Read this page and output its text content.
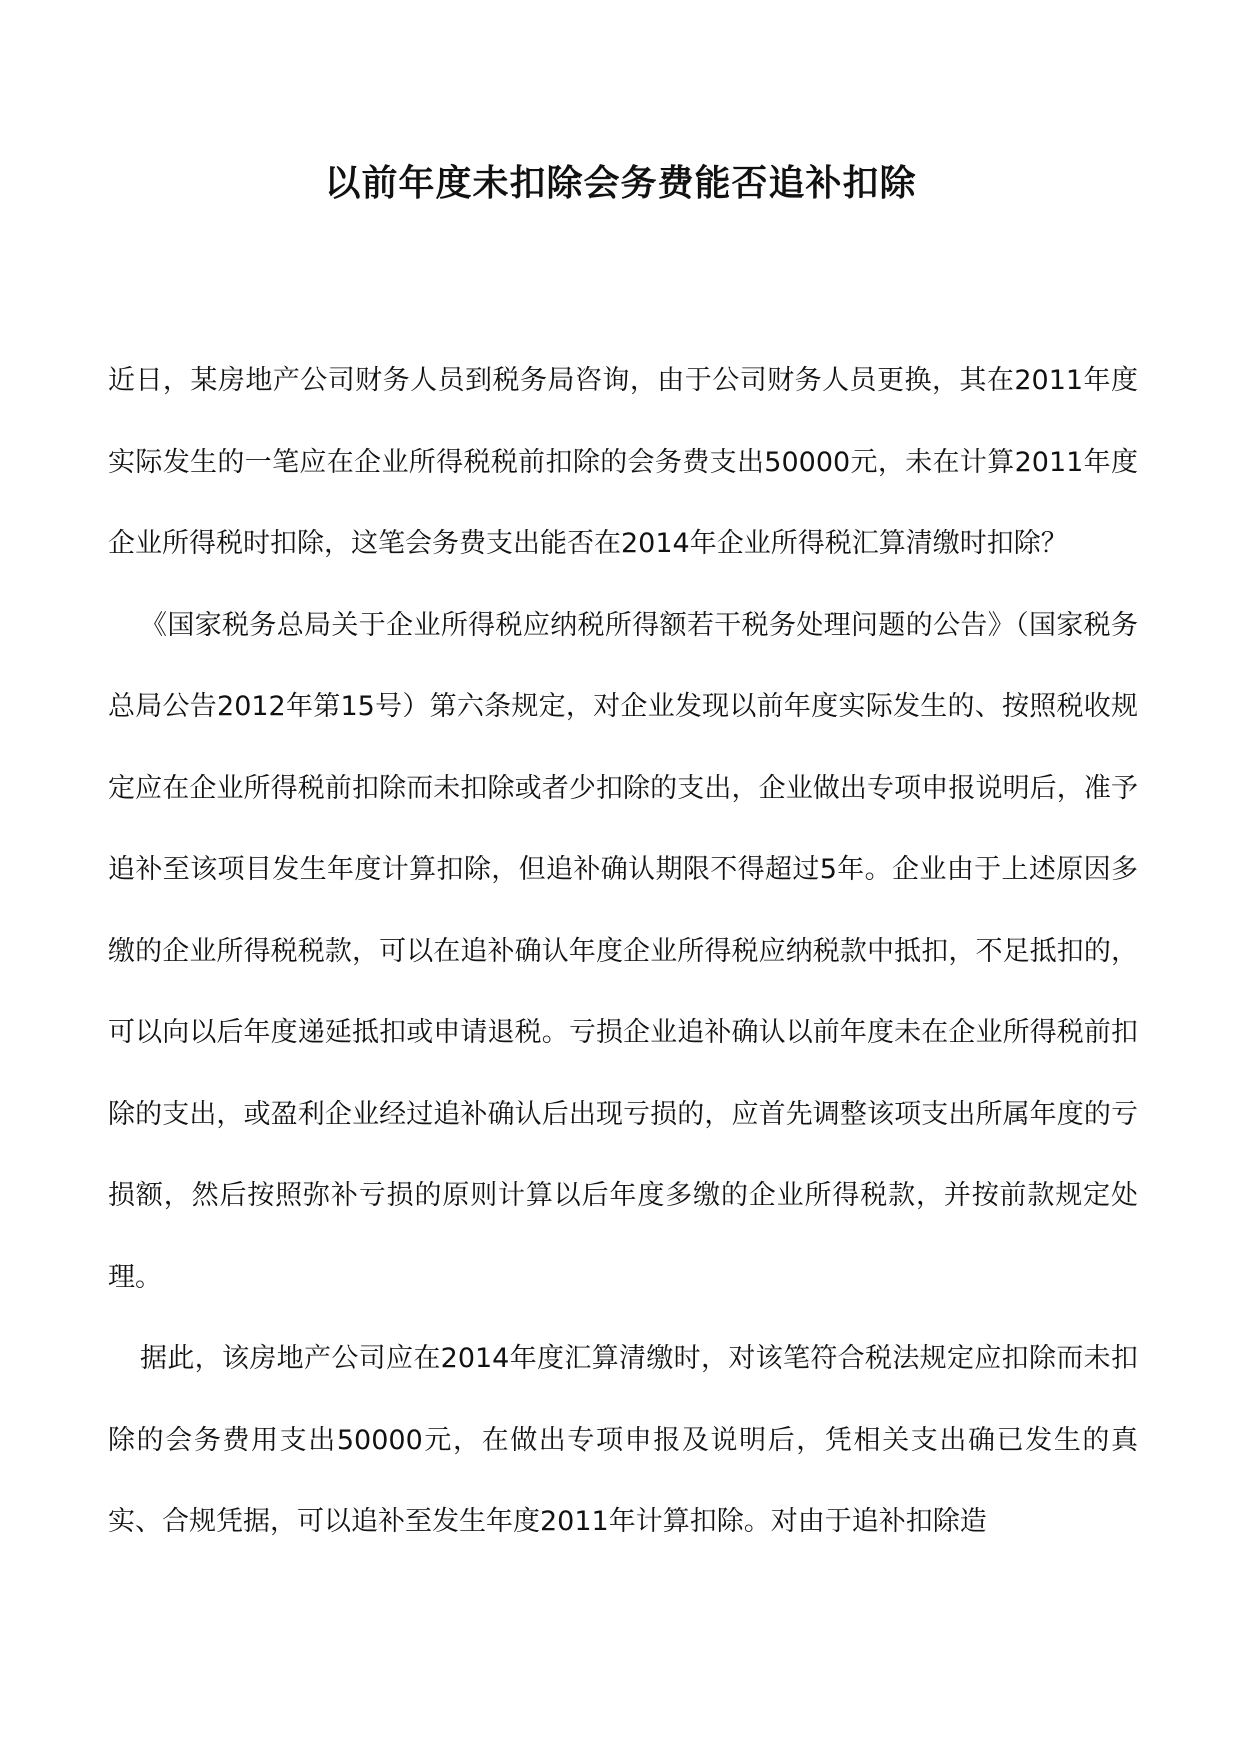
以前年度未扣除会务费能否追补扣除

近日，某房地产公司财务人员到税务局咨询，由于公司财务人员更换，其在2011年度实际发生的一笔应在企业所得税税前扣除的会务费支出50000元，未在计算2011年度企业所得税时扣除，这笔会务费支出能否在2014年企业所得税汇算清缴时扣除？

《国家税务总局关于企业所得税应纳税所得额若干税务处理问题的公告》（国家税务总局公告2012年第15号）第六条规定，对企业发现以前年度实际发生的、按照税收规定应在企业所得税前扣除而未扣除或者少扣除的支出，企业做出专项申报说明后，准予追补至该项目发生年度计算扣除，但追补确认期限不得超过5年。企业由于上述原因多缴的企业所得税税款，可以在追补确认年度企业所得税应纳税款中抵扣，不足抵扣的，可以向以后年度递延抵扣或申请退税。亏损企业追补确认以前年度未在企业所得税前扣除的支出，或盈利企业经过追补确认后出现亏损的，应首先调整该项支出所属年度的亏损额，然后按照弥补亏损的原则计算以后年度多缴的企业所得税款，并按前款规定处理。

据此，该房地产公司应在2014年度汇算清缴时，对该笔符合税法规定应扣除而未扣除的会务费用支出50000元，在做出专项申报及说明后，凭相关支出确已发生的真实、合规凭据，可以追补至发生年度2011年计算扣除。对由于追补扣除造
